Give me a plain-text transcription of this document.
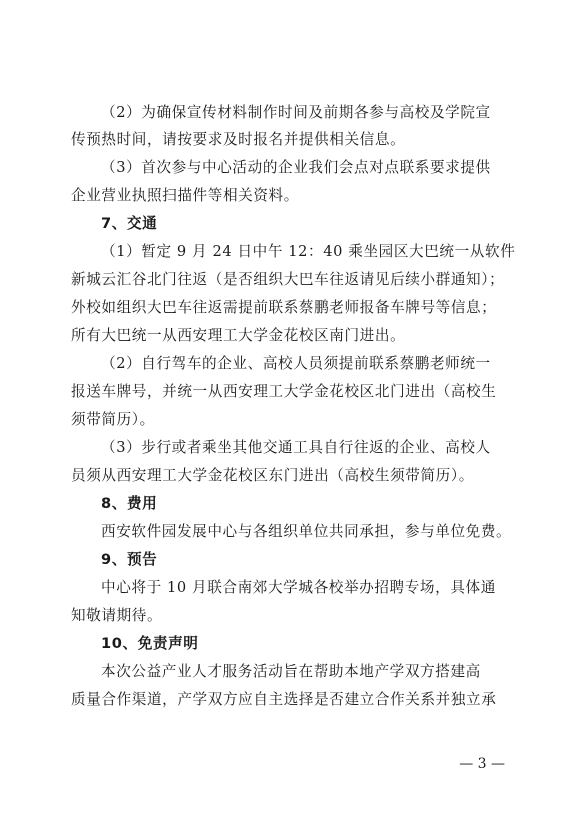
（2）为确保宣传材料制作时间及前期各参与高校及学院宣
传预热时间，请按要求及时报名并提供相关信息。
（3）首次参与中心活动的企业我们会点对点联系要求提供
企业营业执照扫描件等相关资料。
7、交通
（1）暂定 9 月 24 日中午 12：40 乘坐园区大巴统一从软件
新城云汇谷北门往返（是否组织大巴车往返请见后续小群通知）；
外校如组织大巴车往返需提前联系蔡鹏老师报备车牌号等信息；
所有大巴统一从西安理工大学金花校区南门进出。
（2）自行驾车的企业、高校人员须提前联系蔡鹏老师统一
报送车牌号，并统一从西安理工大学金花校区北门进出（高校生
须带简历）。
（3）步行或者乘坐其他交通工具自行往返的企业、高校人
员须从西安理工大学金花校区东门进出（高校生须带简历）。
8、费用
西安软件园发展中心与各组织单位共同承担，参与单位免费。
9、预告
中心将于 10 月联合南郊大学城各校举办招聘专场，具体通
知敬请期待。
10、免责声明
本次公益产业人才服务活动旨在帮助本地产学双方搭建高
质量合作渠道，产学双方应自主选择是否建立合作关系并独立承
— 3 —
